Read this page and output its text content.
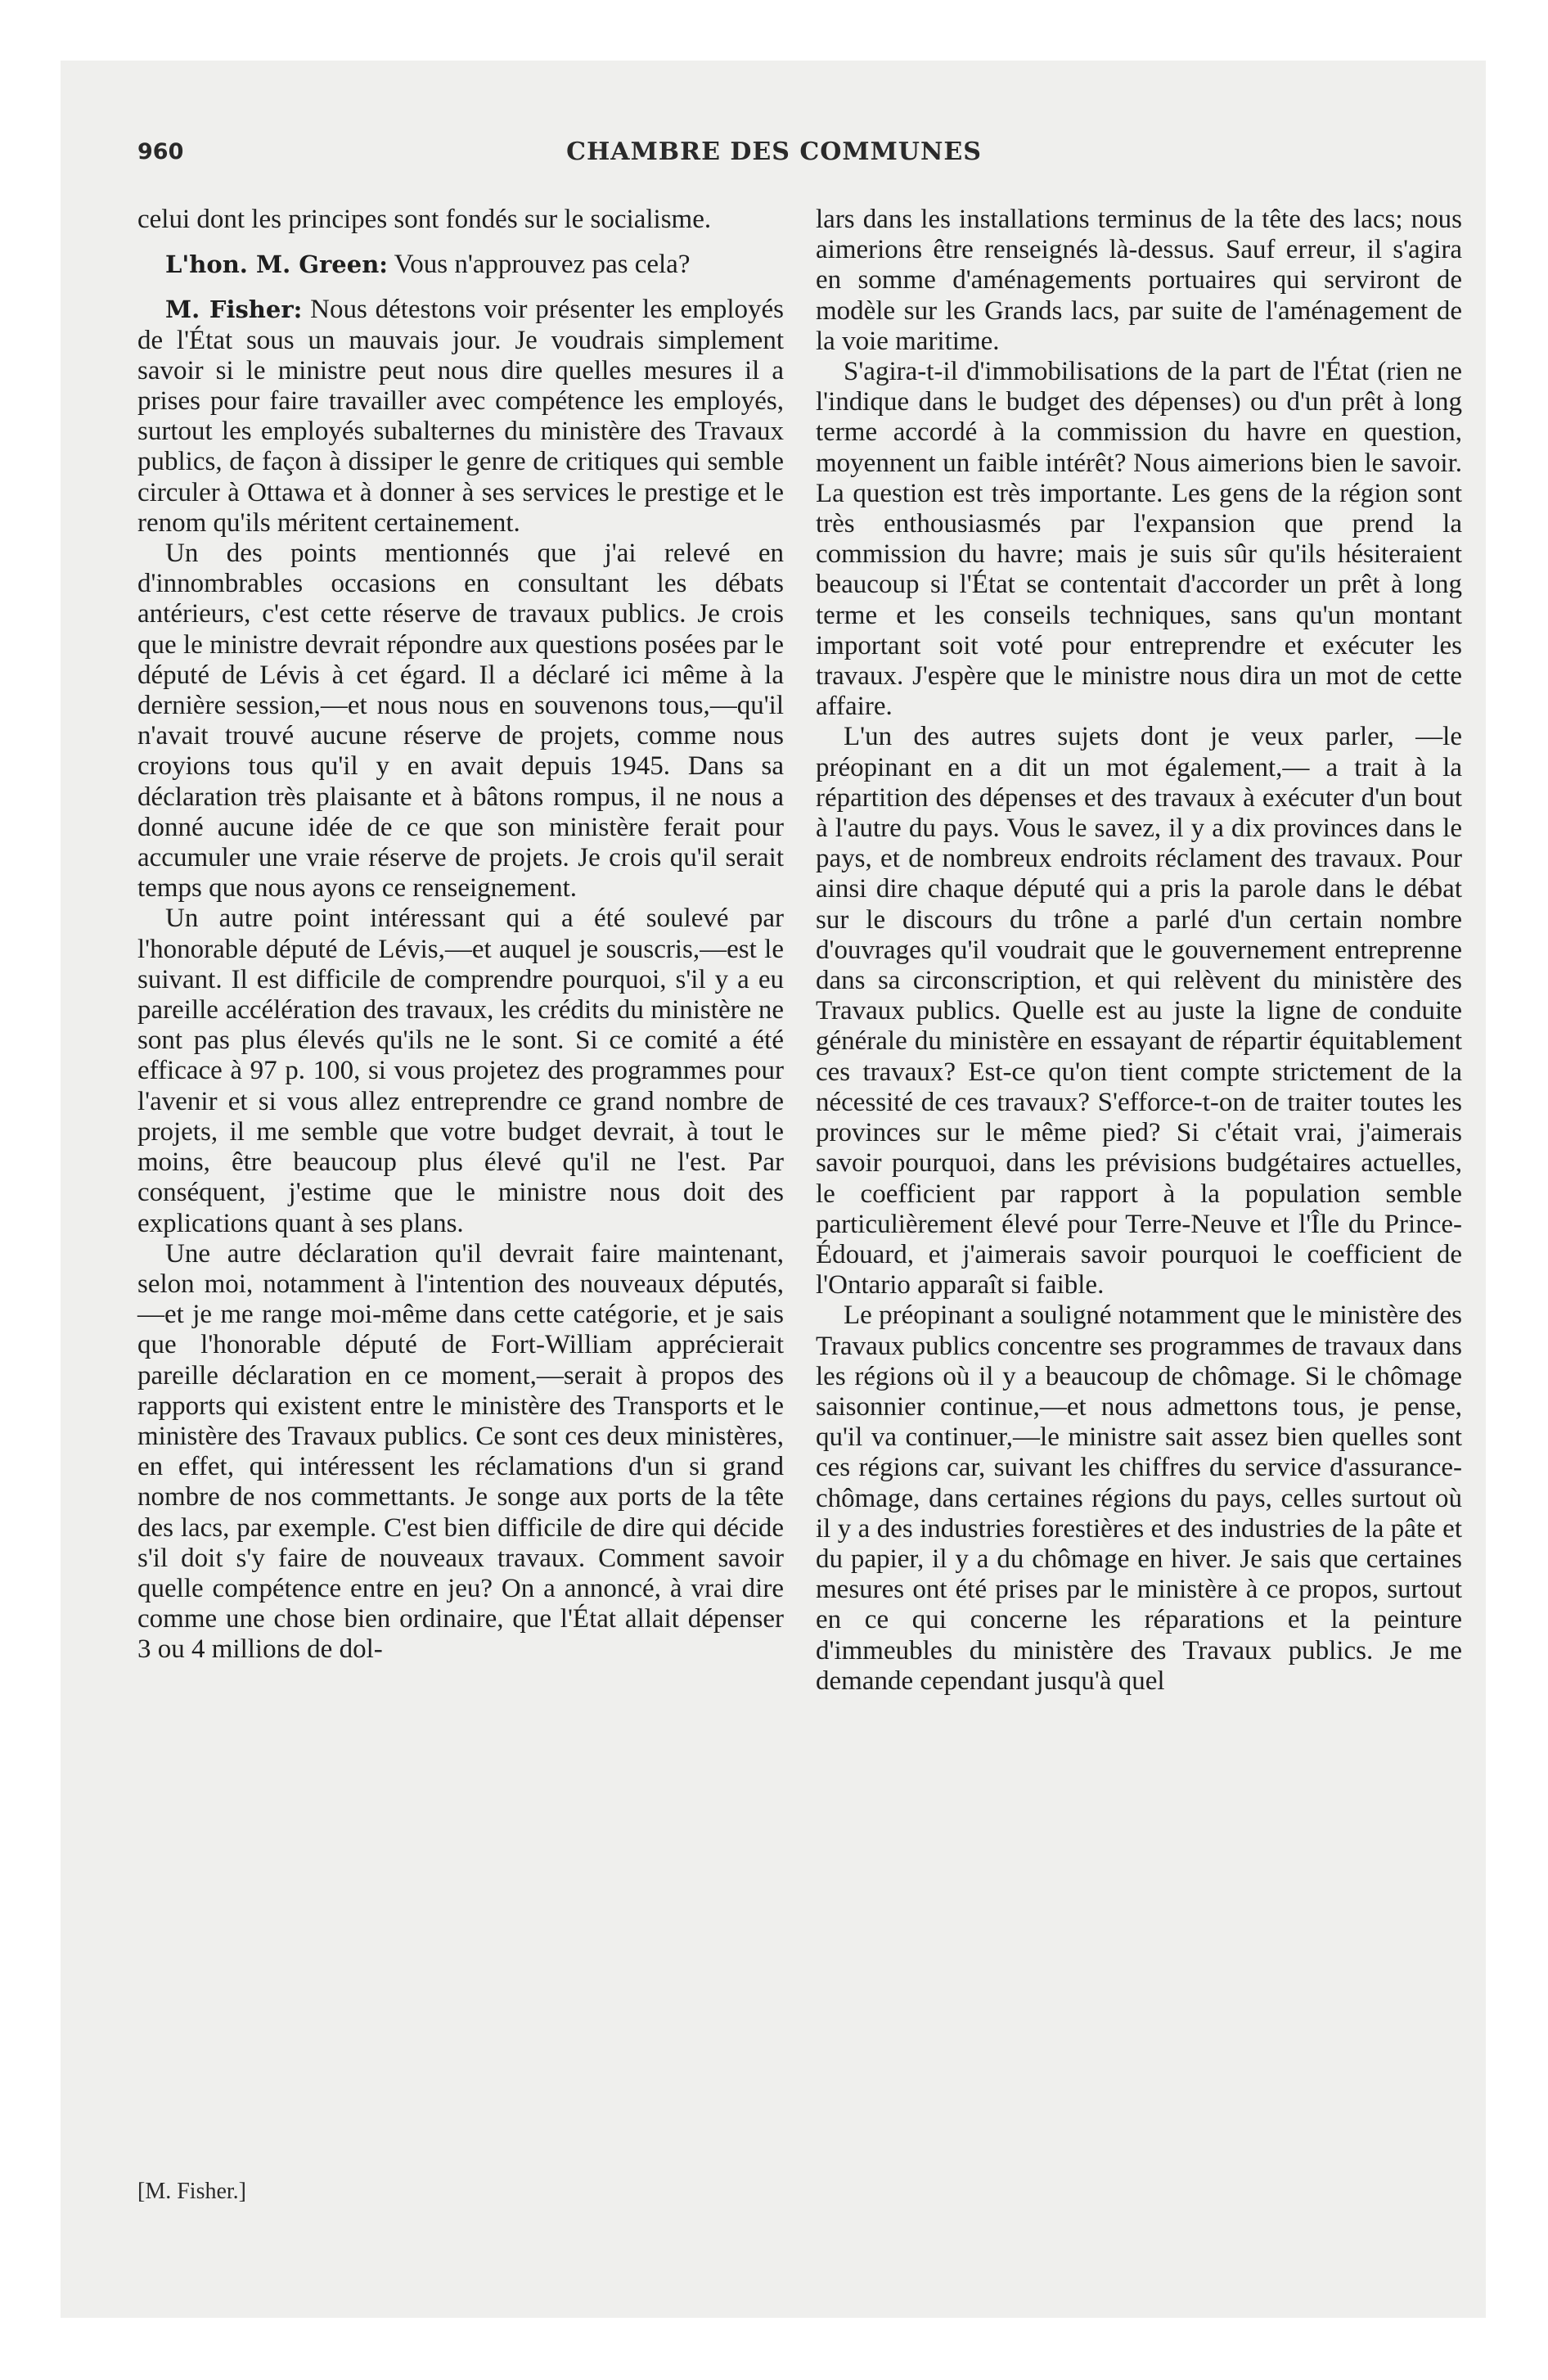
960	CHAMBRE DES COMMUNES

celui dont les principes sont fondés sur le socialisme.

L'hon. M. Green: Vous n'approuvez pas cela?

M. Fisher: Nous détestons voir présenter les employés de l'État sous un mauvais jour. Je voudrais simplement savoir si le ministre peut nous dire quelles mesures il a prises pour faire travailler avec compétence les employés, surtout les employés subalternes du ministère des Travaux publics, de façon à dissiper le genre de critiques qui semble circuler à Ottawa et à donner à ses services le prestige et le renom qu'ils méritent certainement.

Un des points mentionnés que j'ai relevé en d'innombrables occasions en consultant les débats antérieurs, c'est cette réserve de travaux publics. Je crois que le ministre devrait répondre aux questions posées par le député de Lévis à cet égard. Il a déclaré ici même à la dernière session,—et nous nous en souvenons tous,—qu'il n'avait trouvé aucune réserve de projets, comme nous croyions tous qu'il y en avait depuis 1945. Dans sa déclaration très plaisante et à bâtons rompus, il ne nous a donné aucune idée de ce que son ministère ferait pour accumuler une vraie réserve de projets. Je crois qu'il serait temps que nous ayons ce renseignement.

Un autre point intéressant qui a été soulevé par l'honorable député de Lévis,—et auquel je souscris,—est le suivant. Il est difficile de comprendre pourquoi, s'il y a eu pareille accélération des travaux, les crédits du ministère ne sont pas plus élevés qu'ils ne le sont. Si ce comité a été efficace à 97 p. 100, si vous projetez des programmes pour l'avenir et si vous allez entreprendre ce grand nombre de projets, il me semble que votre budget devrait, à tout le moins, être beaucoup plus élevé qu'il ne l'est. Par conséquent, j'estime que le ministre nous doit des explications quant à ses plans.

Une autre déclaration qu'il devrait faire maintenant, selon moi, notamment à l'intention des nouveaux députés,—et je me range moi-même dans cette catégorie, et je sais que l'honorable député de Fort-William apprécierait pareille déclaration en ce moment,—serait à propos des rapports qui existent entre le ministère des Transports et le ministère des Travaux publics. Ce sont ces deux ministères, en effet, qui intéressent les réclamations d'un si grand nombre de nos commettants. Je songe aux ports de la tête des lacs, par exemple. C'est bien difficile de dire qui décide s'il doit s'y faire de nouveaux travaux. Comment savoir quelle compétence entre en jeu? On a annoncé, à vrai dire comme une chose bien ordinaire, que l'État allait dépenser 3 ou 4 millions de dol-

lars dans les installations terminus de la tête des lacs; nous aimerions être renseignés là-dessus. Sauf erreur, il s'agira en somme d'aménagements portuaires qui serviront de modèle sur les Grands lacs, par suite de l'aménagement de la voie maritime.

S'agira-t-il d'immobilisations de la part de l'État (rien ne l'indique dans le budget des dépenses) ou d'un prêt à long terme accordé à la commission du havre en question, moyennent un faible intérêt? Nous aimerions bien le savoir. La question est très importante. Les gens de la région sont très enthousiasmés par l'expansion que prend la commission du havre; mais je suis sûr qu'ils hésiteraient beaucoup si l'État se contentait d'accorder un prêt à long terme et les conseils techniques, sans qu'un montant important soit voté pour entreprendre et exécuter les travaux. J'espère que le ministre nous dira un mot de cette affaire.

L'un des autres sujets dont je veux parler, —le préopinant en a dit un mot également,— a trait à la répartition des dépenses et des travaux à exécuter d'un bout à l'autre du pays. Vous le savez, il y a dix provinces dans le pays, et de nombreux endroits réclament des travaux. Pour ainsi dire chaque député qui a pris la parole dans le débat sur le discours du trône a parlé d'un certain nombre d'ouvrages qu'il voudrait que le gouvernement entreprenne dans sa circonscription, et qui relèvent du ministère des Travaux publics. Quelle est au juste la ligne de conduite générale du ministère en essayant de répartir équitablement ces travaux? Est-ce qu'on tient compte strictement de la nécessité de ces travaux? S'efforce-t-on de traiter toutes les provinces sur le même pied? Si c'était vrai, j'aimerais savoir pourquoi, dans les prévisions budgétaires actuelles, le coefficient par rapport à la population semble particulièrement élevé pour Terre-Neuve et l'Île du Prince-Édouard, et j'aimerais savoir pourquoi le coefficient de l'Ontario apparaît si faible.

Le préopinant a souligné notamment que le ministère des Travaux publics concentre ses programmes de travaux dans les régions où il y a beaucoup de chômage. Si le chômage saisonnier continue,—et nous admettons tous, je pense, qu'il va continuer,—le ministre sait assez bien quelles sont ces régions car, suivant les chiffres du service d'assurance-chômage, dans certaines régions du pays, celles surtout où il y a des industries forestières et des industries de la pâte et du papier, il y a du chômage en hiver. Je sais que certaines mesures ont été prises par le ministère à ce propos, surtout en ce qui concerne les réparations et la peinture d'immeubles du ministère des Travaux publics. Je me demande cependant jusqu'à quel

[M. Fisher.]
